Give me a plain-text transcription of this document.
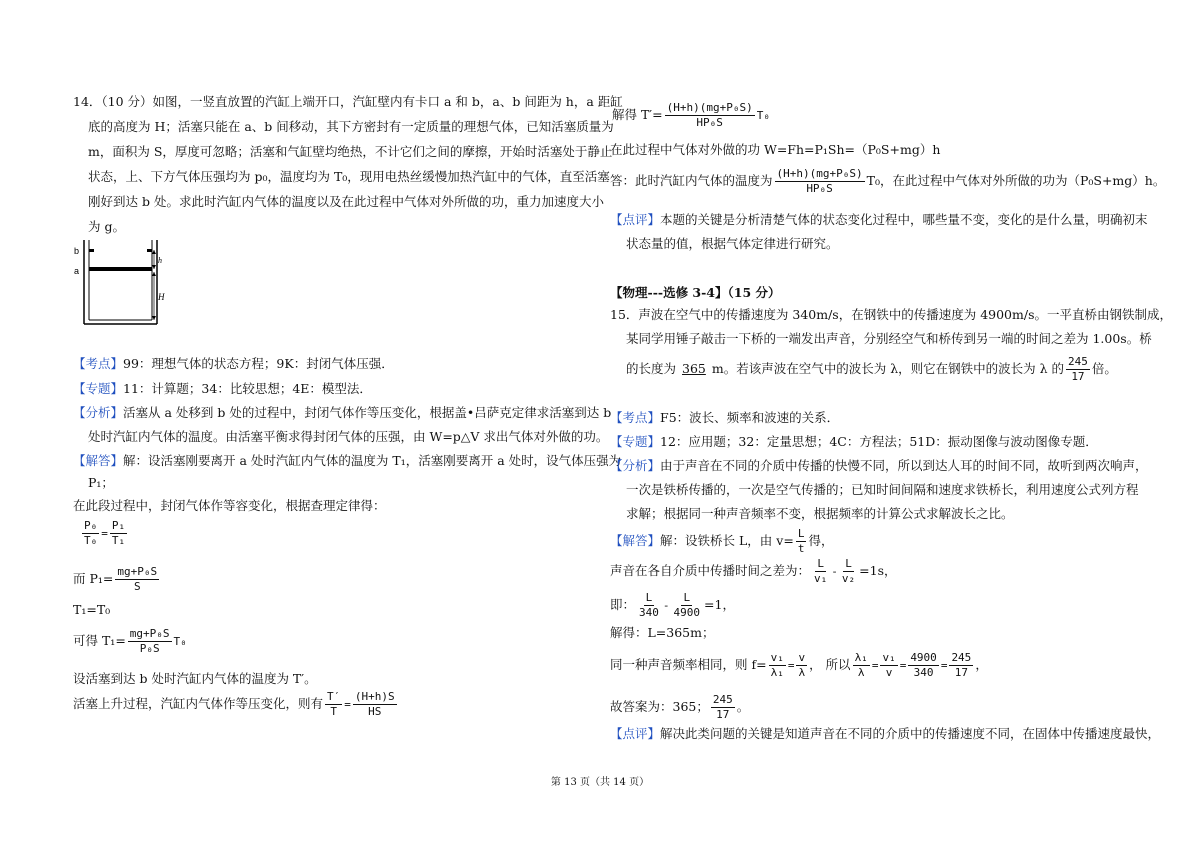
14．（10 分）如图，一竖直放置的汽缸上端开口，汽缸壁内有卡口 a 和 b，a、b 间距为 h，a 距缸
底的高度为 H；活塞只能在 a、b 间移动，其下方密封有一定质量的理想气体，已知活塞质量为
m，面积为 S，厚度可忽略；活塞和气缸壁均绝热，不计它们之间的摩擦，开始时活塞处于静止
状态，上、下方气体压强均为 p₀，温度均为 T₀，现用电热丝缓慢加热汽缸中的气体，直至活塞
刚好到达 b 处。求此时汽缸内气体的温度以及在此过程中气体对外所做的功，重力加速度大小
为 g。
b
a
h
H
【考点】99：理想气体的状态方程；9K：封闭气体压强．
【专题】11：计算题；34：比较思想；4E：模型法．
【分析】活塞从 a 处移到 b 处的过程中，封闭气体作等压变化，根据盖•吕萨克定律求活塞到达 b
处时汽缸内气体的温度。由活塞平衡求得封闭气体的压强，由 W=p△V 求出气体对外做的功。
【解答】解：设活塞刚要离开 a 处时汽缸内气体的温度为 T₁，活塞刚要离开 a 处时，设气体压强为
P₁；
在此段过程中，封闭气体作等容变化，根据查理定律得：
$\frac{\text{P₀}}{\text{T₀}} = \frac{\text{P₁}}{\text{T₁}}$
而 $P_1= \frac{\text{mg+P₀S}}{S}$
T₁=T₀
可得 $T_1= \frac{\text{mg+P₀S}}{\text{P₀S}} T_0$
设活塞到达 b 处时汽缸内气体的温度为 T′。
活塞上升过程，汽缸内气体作等压变化，则有 $\frac{T'}{T} = \frac{(H+h)S}{HS}$
解得 $T'= \frac{\text{(H+h)(mg+P₀S)}}{\text{HP₀S}} T_0$
在此过程中气体对外做的功 W=Fh=P₁Sh=（P₀S+mg）h
答：此时汽缸内气体的温度为 $\frac{\text{(H+h)(mg+P₀S)}}{\text{HP₀S}} T_0$，在此过程中气体对外所做的功为（P₀S+mg）h。
【点评】本题的关键是分析清楚气体的状态变化过程中，哪些量不变，变化的是什么量，明确初末
状态量的值，根据气体定律进行研究。
【物理---选修 3-4】（15 分）
15．声波在空气中的传播速度为 340m/s，在钢铁中的传播速度为 4900m/s。一平直桥由钢铁制成，
某同学用锤子敲击一下桥的一端发出声音，分别经空气和桥传到另一端的时间之差为 1.00s。桥
的长度为 365 m。若该声波在空气中的波长为 λ，则它在钢铁中的波长为 λ 的 $\frac{245}{17}$ 倍。
【考点】F5：波长、频率和波速的关系．
【专题】12：应用题；32：定量思想；4C：方程法；51D：振动图像与波动图像专题．
【分析】由于声音在不同的介质中传播的快慢不同，所以到达人耳的时间不同，故听到两次响声，
一次是铁桥传播的，一次是空气传播的；已知时间间隔和速度求铁桥长，利用速度公式列方程
求解；根据同一种声音频率不变，根据频率的计算公式求解波长之比。
【解答】解：设铁桥长 L，由 $v= \frac{L}{t}$ 得，
声音在各自介质中传播时间之差为： $\frac{L}{\text{v₁}} - \frac{L}{\text{v₂}} =1s$，
即： $\frac{L}{340} - \frac{L}{4900} =1$，
解得：L=365m；
同一种声音频率相同，则 $f= \frac{\text{v₁}}{\text{λ₁}} = \frac{v}{\lambda}$ ， 所以 $\frac{\text{λ₁}}{\lambda} = \frac{\text{v₁}}{v} = \frac{4900}{340} = \frac{245}{17}$ ，
故答案为：365； $\frac{245}{17}$ 。
【点评】解决此类问题的关键是知道声音在不同的介质中的传播速度不同，在固体中传播速度最快，
第 13 页（共 14 页）
